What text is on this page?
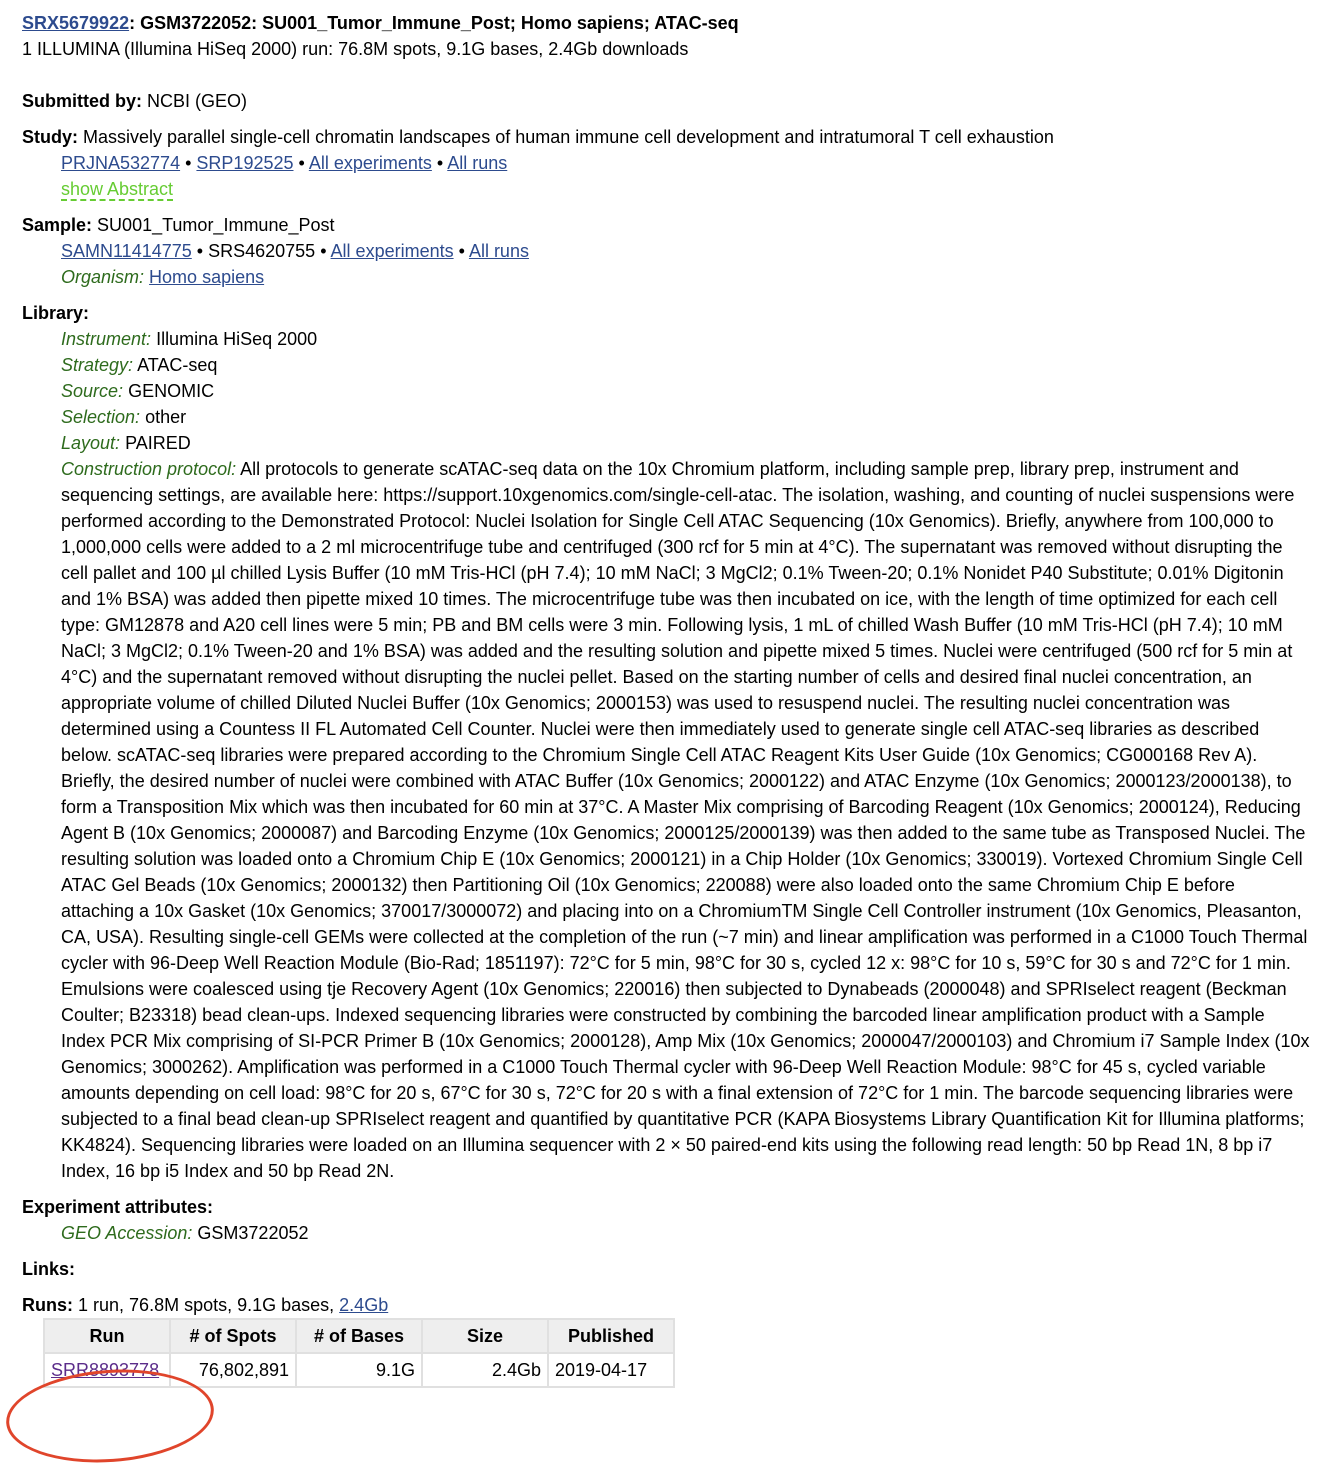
SRX5679922: GSM3722052: SU001_Tumor_Immune_Post; Homo sapiens; ATAC-seq
1 ILLUMINA (Illumina HiSeq 2000) run: 76.8M spots, 9.1G bases, 2.4Gb downloads
Submitted by: NCBI (GEO)
Study: Massively parallel single-cell chromatin landscapes of human immune cell development and intratumoral T cell exhaustion
PRJNA532774 • SRP192525 • All experiments • All runs
show Abstract
Sample: SU001_Tumor_Immune_Post
SAMN11414775 • SRS4620755 • All experiments • All runs
Organism: Homo sapiens
Library:
Instrument: Illumina HiSeq 2000
Strategy: ATAC-seq
Source: GENOMIC
Selection: other
Layout: PAIRED
Construction protocol: All protocols to generate scATAC-seq data on the 10x Chromium platform, including sample prep, library prep, instrument and sequencing settings, are available here: https://support.10xgenomics.com/single-cell-atac. The isolation, washing, and counting of nuclei suspensions were performed according to the Demonstrated Protocol: Nuclei Isolation for Single Cell ATAC Sequencing (10x Genomics). Briefly, anywhere from 100,000 to 1,000,000 cells were added to a 2 ml microcentrifuge tube and centrifuged (300 rcf for 5 min at 4°C). The supernatant was removed without disrupting the cell pallet and 100 µl chilled Lysis Buffer (10 mM Tris-HCl (pH 7.4); 10 mM NaCl; 3 MgCl2; 0.1% Tween-20; 0.1% Nonidet P40 Substitute; 0.01% Digitonin and 1% BSA) was added then pipette mixed 10 times. The microcentrifuge tube was then incubated on ice, with the length of time optimized for each cell type: GM12878 and A20 cell lines were 5 min; PB and BM cells were 3 min. Following lysis, 1 mL of chilled Wash Buffer (10 mM Tris-HCl (pH 7.4); 10 mM NaCl; 3 MgCl2; 0.1% Tween-20 and 1% BSA) was added and the resulting solution and pipette mixed 5 times. Nuclei were centrifuged (500 rcf for 5 min at 4°C) and the supernatant removed without disrupting the nuclei pellet. Based on the starting number of cells and desired final nuclei concentration, an appropriate volume of chilled Diluted Nuclei Buffer (10x Genomics; 2000153) was used to resuspend nuclei. The resulting nuclei concentration was determined using a Countess II FL Automated Cell Counter. Nuclei were then immediately used to generate single cell ATAC-seq libraries as described below. scATAC-seq libraries were prepared according to the Chromium Single Cell ATAC Reagent Kits User Guide (10x Genomics; CG000168 Rev A). Briefly, the desired number of nuclei were combined with ATAC Buffer (10x Genomics; 2000122) and ATAC Enzyme (10x Genomics; 2000123/2000138), to form a Transposition Mix which was then incubated for 60 min at 37°C. A Master Mix comprising of Barcoding Reagent (10x Genomics; 2000124), Reducing Agent B (10x Genomics; 2000087) and Barcoding Enzyme (10x Genomics; 2000125/2000139) was then added to the same tube as Transposed Nuclei. The resulting solution was loaded onto a Chromium Chip E (10x Genomics; 2000121) in a Chip Holder (10x Genomics; 330019). Vortexed Chromium Single Cell ATAC Gel Beads (10x Genomics; 2000132) then Partitioning Oil (10x Genomics; 220088) were also loaded onto the same Chromium Chip E before attaching a 10x Gasket (10x Genomics; 370017/3000072) and placing into on a ChromiumTM Single Cell Controller instrument (10x Genomics, Pleasanton, CA, USA). Resulting single-cell GEMs were collected at the completion of the run (~7 min) and linear amplification was performed in a C1000 Touch Thermal cycler with 96-Deep Well Reaction Module (Bio-Rad; 1851197): 72°C for 5 min, 98°C for 30 s, cycled 12 x: 98°C for 10 s, 59°C for 30 s and 72°C for 1 min. Emulsions were coalesced using tje Recovery Agent (10x Genomics; 220016) then subjected to Dynabeads (2000048) and SPRIselect reagent (Beckman Coulter; B23318) bead clean-ups. Indexed sequencing libraries were constructed by combining the barcoded linear amplification product with a Sample Index PCR Mix comprising of SI-PCR Primer B (10x Genomics; 2000128), Amp Mix (10x Genomics; 2000047/2000103) and Chromium i7 Sample Index (10x Genomics; 3000262). Amplification was performed in a C1000 Touch Thermal cycler with 96-Deep Well Reaction Module: 98°C for 45 s, cycled variable amounts depending on cell load: 98°C for 20 s, 67°C for 30 s, 72°C for 20 s with a final extension of 72°C for 1 min. The barcode sequencing libraries were subjected to a final bead clean-up SPRIselect reagent and quantified by quantitative PCR (KAPA Biosystems Library Quantification Kit for Illumina platforms; KK4824). Sequencing libraries were loaded on an Illumina sequencer with 2 × 50 paired-end kits using the following read length: 50 bp Read 1N, 8 bp i7 Index, 16 bp i5 Index and 50 bp Read 2N.
Experiment attributes:
GEO Accession: GSM3722052
Links:
Runs: 1 run, 76.8M spots, 9.1G bases, 2.4Gb
Run	# of Spots	# of Bases	Size	Published
SRR8893778	76,802,891	9.1G	2.4Gb	2019-04-17
